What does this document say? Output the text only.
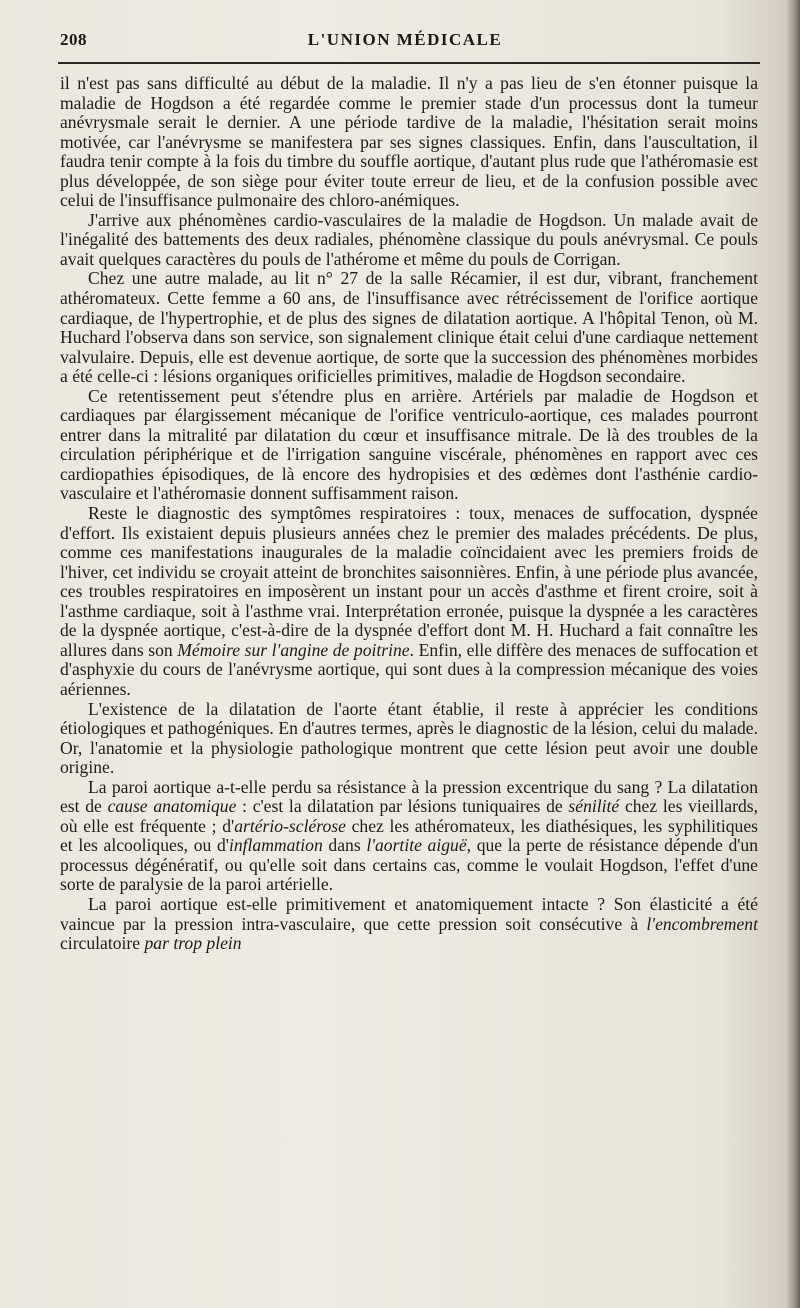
208	L'UNION MÉDICALE

il n'est pas sans difficulté au début de la maladie. Il n'y a pas lieu de s'en étonner puisque la maladie de Hogdson a été regardée comme le premier stade d'un processus dont la tumeur anévrysmale serait le dernier. A une période tardive de la maladie, l'hésitation serait moins motivée, car l'anévrysme se manifestera par ses signes classiques. Enfin, dans l'auscultation, il faudra tenir compte à la fois du timbre du souffle aortique, d'autant plus rude que l'athéromasie est plus développée, de son siège pour éviter toute erreur de lieu, et de la confusion possible avec celui de l'insuffisance pulmonaire des chloro-anémiques.

J'arrive aux phénomènes cardio-vasculaires de la maladie de Hogdson. Un malade avait de l'inégalité des battements des deux radiales, phénomène classique du pouls anévrysmal. Ce pouls avait quelques caractères du pouls de l'athérome et même du pouls de Corrigan.

Chez une autre malade, au lit n° 27 de la salle Récamier, il est dur, vibrant, franchement athéromateux. Cette femme a 60 ans, de l'insuffisance avec rétrécissement de l'orifice aortique cardiaque, de l'hypertrophie, et de plus des signes de dilatation aortique. A l'hôpital Tenon, où M. Huchard l'observa dans son service, son signalement clinique était celui d'une cardiaque nettement valvulaire. Depuis, elle est devenue aortique, de sorte que la succession des phénomènes morbides a été celle-ci : lésions organiques orificielles primitives, maladie de Hogdson secondaire.

Ce retentissement peut s'étendre plus en arrière. Artériels par maladie de Hogdson et cardiaques par élargissement mécanique de l'orifice ventriculo-aortique, ces malades pourront entrer dans la mitralité par dilatation du cœur et insuffisance mitrale. De là des troubles de la circulation périphérique et de l'irrigation sanguine viscérale, phénomènes en rapport avec ces cardiopathies épisodiques, de là encore des hydropisies et des œdèmes dont l'asthénie cardio-vasculaire et l'athéromasie donnent suffisamment raison.

Reste le diagnostic des symptômes respiratoires : toux, menaces de suffocation, dyspnée d'effort. Ils existaient depuis plusieurs années chez le premier des malades précédents. De plus, comme ces manifestations inaugurales de la maladie coïncidaient avec les premiers froids de l'hiver, cet individu se croyait atteint de bronchites saisonnières. Enfin, à une période plus avancée, ces troubles respiratoires en imposèrent un instant pour un accès d'asthme et firent croire, soit à l'asthme cardiaque, soit à l'asthme vrai. Interprétation erronée, puisque la dyspnée a les caractères de la dyspnée aortique, c'est-à-dire de la dyspnée d'effort dont M. H. Huchard a fait connaître les allures dans son Mémoire sur l'angine de poitrine. Enfin, elle diffère des menaces de suffocation et d'asphyxie du cours de l'anévrysme aortique, qui sont dues à la compression mécanique des voies aériennes.

L'existence de la dilatation de l'aorte étant établie, il reste à apprécier les conditions étiologiques et pathogéniques. En d'autres termes, après le diagnostic de la lésion, celui du malade. Or, l'anatomie et la physiologie pathologique montrent que cette lésion peut avoir une double origine.

La paroi aortique a-t-elle perdu sa résistance à la pression excentrique du sang ? La dilatation est de cause anatomique : c'est la dilatation par lésions tuniquaires de sénilité chez les vieillards, où elle est fréquente ; d'artério-sclérose chez les athéromateux, les diathésiques, les syphilitiques et les alcooliques, ou d'inflammation dans l'aortite aiguë, que la perte de résistance dépende d'un processus dégénératif, ou qu'elle soit dans certains cas, comme le voulait Hogdson, l'effet d'une sorte de paralysie de la paroi artérielle.

La paroi aortique est-elle primitivement et anatomiquement intacte ? Son élasticité a été vaincue par la pression intra-vasculaire, que cette pression soit consécutive à l'encombrement circulatoire par trop plein
